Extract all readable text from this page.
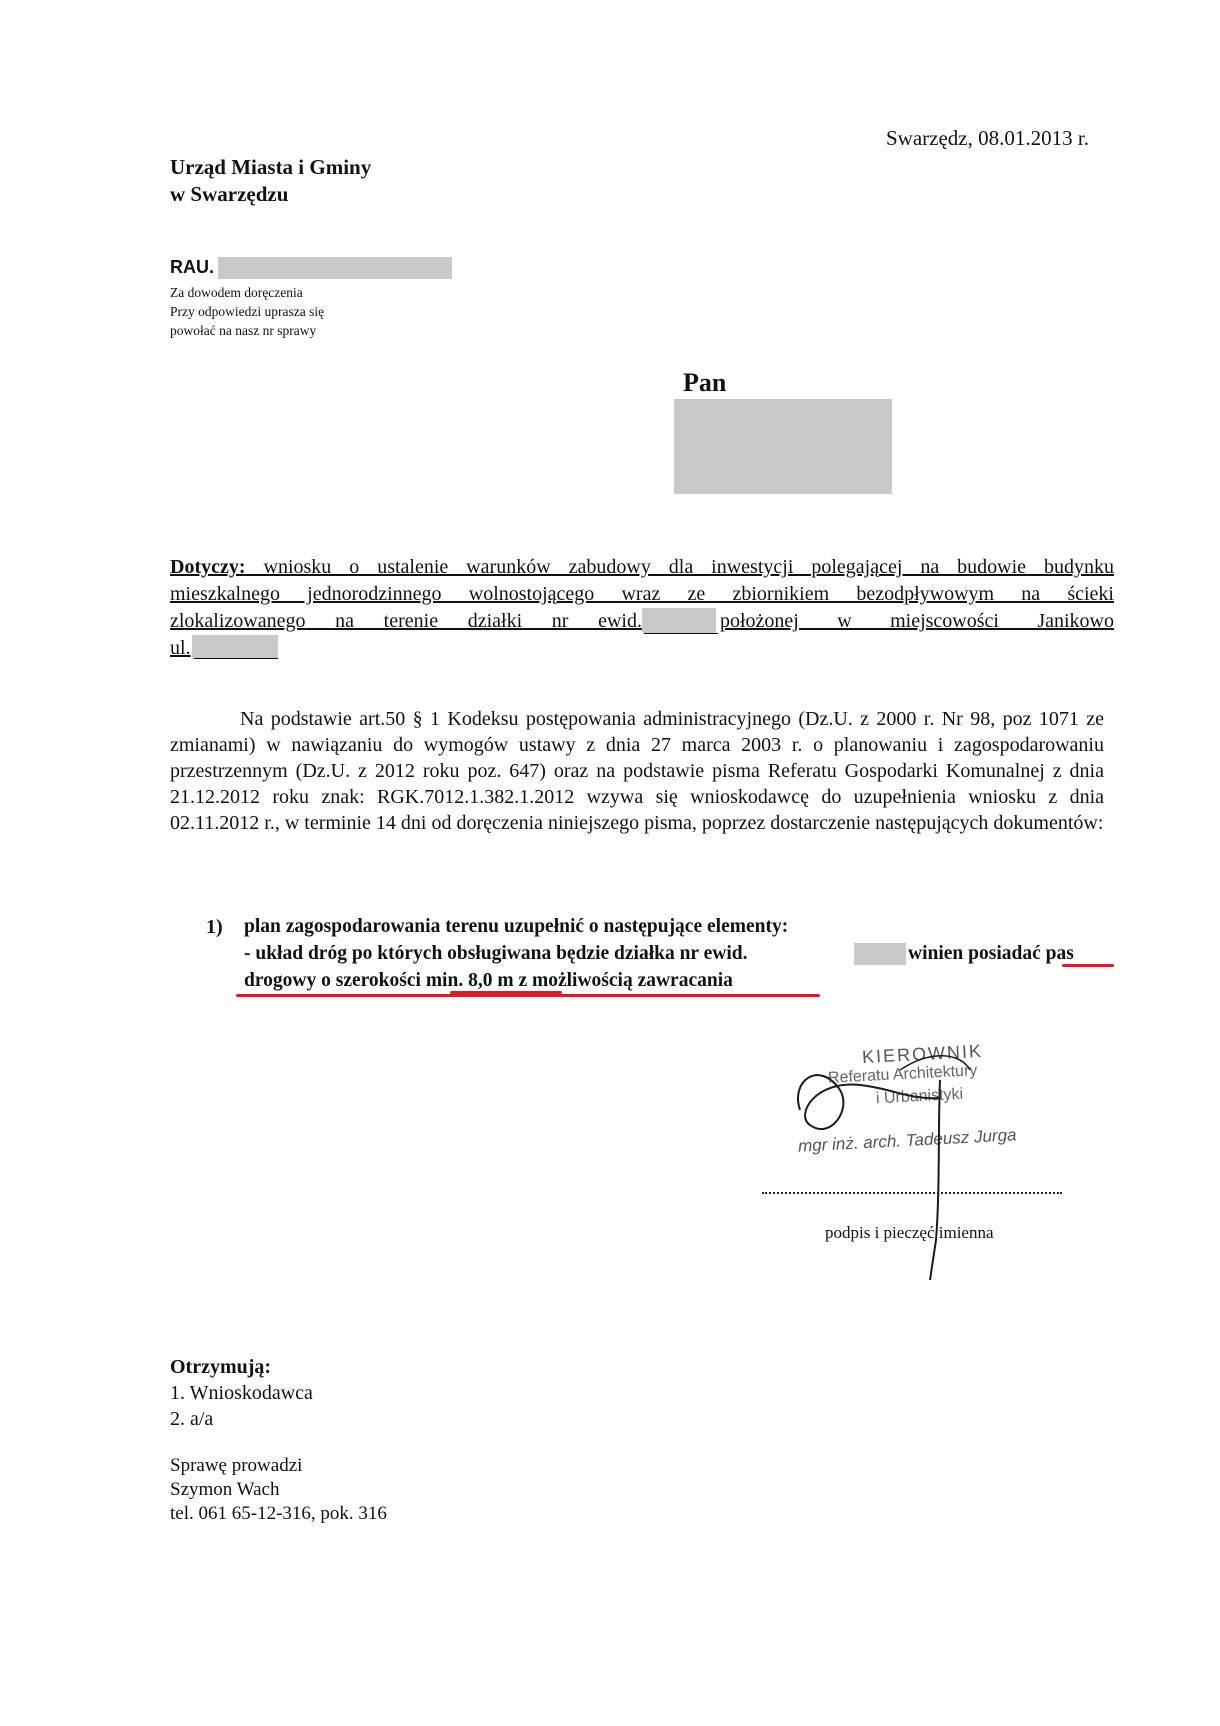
Swarzędz, 08.01.2013 r.
Urząd Miasta i Gminy
w Swarzędzu
RAU.
Za dowodem doręczenia
Przy odpowiedzi uprasza się
powołać na nasz nr sprawy
Pan
Dotyczy: wniosku o ustalenie warunków zabudowy dla inwestycji polegającej na budowie budynku
mieszkalnego jednorodzinnego wolnostojącego wraz ze zbiornikiem bezodpływowym na ścieki
zlokalizowanego na terenie działki nr ewid.	położonej w miejscowości Janikowo
ul.
Na podstawie art.50 § 1 Kodeksu postępowania administracyjnego (Dz.U. z 2000 r. Nr 98, poz 1071 ze zmianami) w nawiązaniu do wymogów ustawy z dnia 27 marca 2003 r. o planowaniu i zagospodarowaniu przestrzennym (Dz.U. z 2012 roku poz. 647) oraz na podstawie pisma Referatu Gospodarki Komunalnej z dnia 21.12.2012 roku znak: RGK.7012.1.382.1.2012 wzywa się wnioskodawcę do uzupełnienia wniosku z dnia 02.11.2012 r., w terminie 14 dni od doręczenia niniejszego pisma, poprzez dostarczenie następujących dokumentów:
1) plan zagospodarowania terenu uzupełnić o następujące elementy:
- układ dróg po których obsługiwana będzie działka nr ewid.	winien posiadać pas
drogowy o szerokości min. 8,0 m z możliwością zawracania
KIEROWNIK
Referatu Architektury
i Urbanistyki
mgr inż. arch. Tadeusz Jurga
podpis i pieczęć imienna
Otrzymują:
1. Wnioskodawca
2. a/a
Sprawę prowadzi
Szymon Wach
tel. 061 65-12-316, pok. 316
